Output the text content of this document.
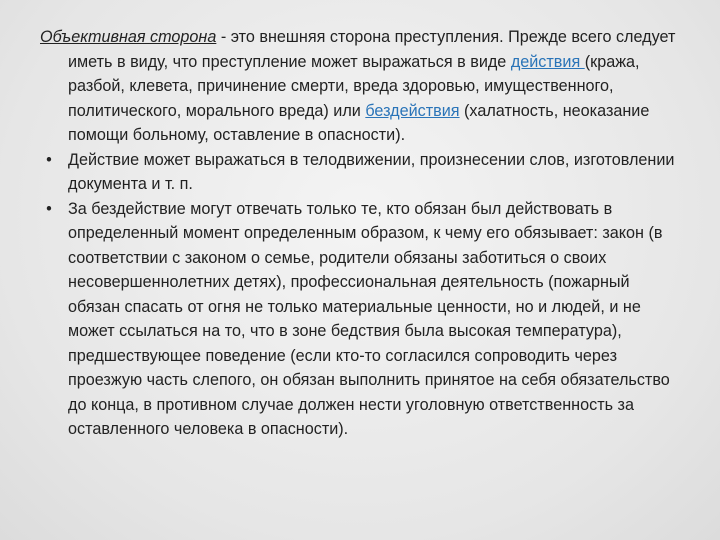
Объективная сторона - это внешняя сторона преступления. Прежде всего следует иметь в виду, что преступление может выражаться в виде действия (кража, разбой, клевета, причинение смерти, вреда здоровью, имущественного, политического, морального вреда) или бездействия (халатность, неоказание помощи больному, оставление в опасности).

• Действие может выражаться в телодвижении, произнесении слов, изготовлении документа и т. п.

• За бездействие могут отвечать только те, кто обязан был действовать в определенный момент определенным образом, к чему его обязывает: закон (в соответствии с законом о семье, родители обязаны заботиться о своих несовершеннолетних детях), профессиональная деятельность (пожарный обязан спасать от огня не только материальные ценности, но и людей, и не может ссылаться на то, что в зоне бедствия была высокая температура), предшествующее поведение (если кто-то согласился сопроводить через проезжую часть слепого, он обязан выполнить принятое на себя обязательство до конца, в противном случае должен нести уголовную ответственность за оставленного человека в опасности).
